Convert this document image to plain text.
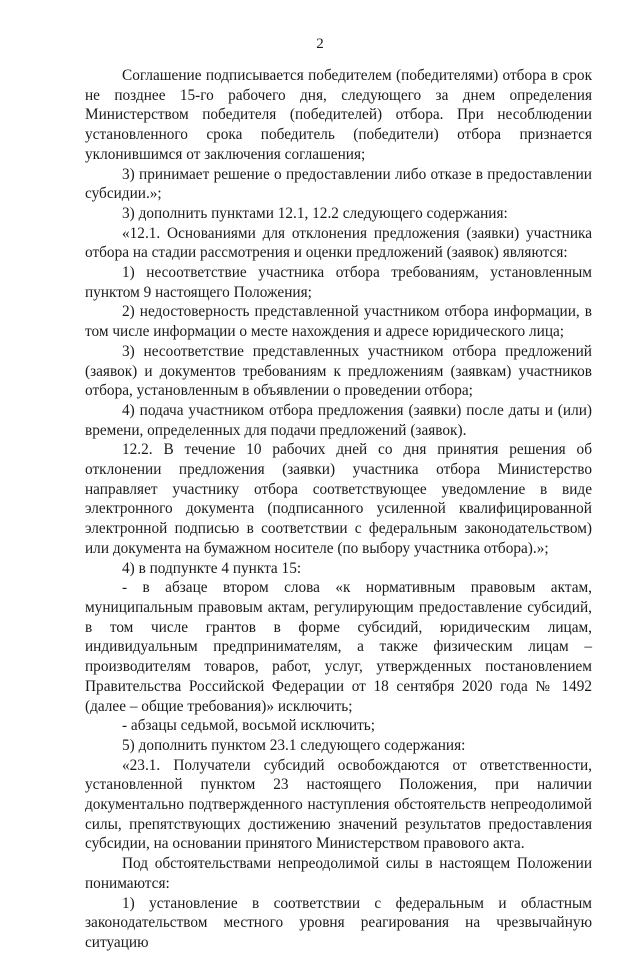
2

Соглашение подписывается победителем (победителями) отбора в срок не позднее 15-го рабочего дня, следующего за днем определения Министерством победителя (победителей) отбора. При несоблюдении установленного срока победитель (победители) отбора признается уклонившимся от заключения соглашения;

3) принимает решение о предоставлении либо отказе в предоставлении субсидии.»;

3) дополнить пунктами 12.1, 12.2 следующего содержания:

«12.1. Основаниями для отклонения предложения (заявки) участника отбора на стадии рассмотрения и оценки предложений (заявок) являются:

1) несоответствие участника отбора требованиям, установленным пунктом 9 настоящего Положения;

2) недостоверность представленной участником отбора информации, в том числе информации о месте нахождения и адресе юридического лица;

3) несоответствие представленных участником отбора предложений (заявок) и документов требованиям к предложениям (заявкам) участников отбора, установленным в объявлении о проведении отбора;

4) подача участником отбора предложения (заявки) после даты и (или) времени, определенных для подачи предложений (заявок).

12.2. В течение 10 рабочих дней со дня принятия решения об отклонении предложения (заявки) участника отбора Министерство направляет участнику отбора соответствующее уведомление в виде электронного документа (подписанного усиленной квалифицированной электронной подписью в соответствии с федеральным законодательством) или документа на бумажном носителе (по выбору участника отбора).»;

4) в подпункте 4 пункта 15:

- в абзаце втором слова «к нормативным правовым актам, муниципальным правовым актам, регулирующим предоставление субсидий, в том числе грантов в форме субсидий, юридическим лицам, индивидуальным предпринимателям, а также физическим лицам – производителям товаров, работ, услуг, утвержденных постановлением Правительства Российской Федерации от 18 сентября 2020 года № 1492 (далее – общие требования)» исключить;

- абзацы седьмой, восьмой исключить;

5) дополнить пунктом 23.1 следующего содержания:

«23.1. Получатели субсидий освобождаются от ответственности, установленной пунктом 23 настоящего Положения, при наличии документально подтвержденного наступления обстоятельств непреодолимой силы, препятствующих достижению значений результатов предоставления субсидии, на основании принятого Министерством правового акта.

Под обстоятельствами непреодолимой силы в настоящем Положении понимаются:

1) установление в соответствии с федеральным и областным законодательством местного уровня реагирования на чрезвычайную ситуацию
